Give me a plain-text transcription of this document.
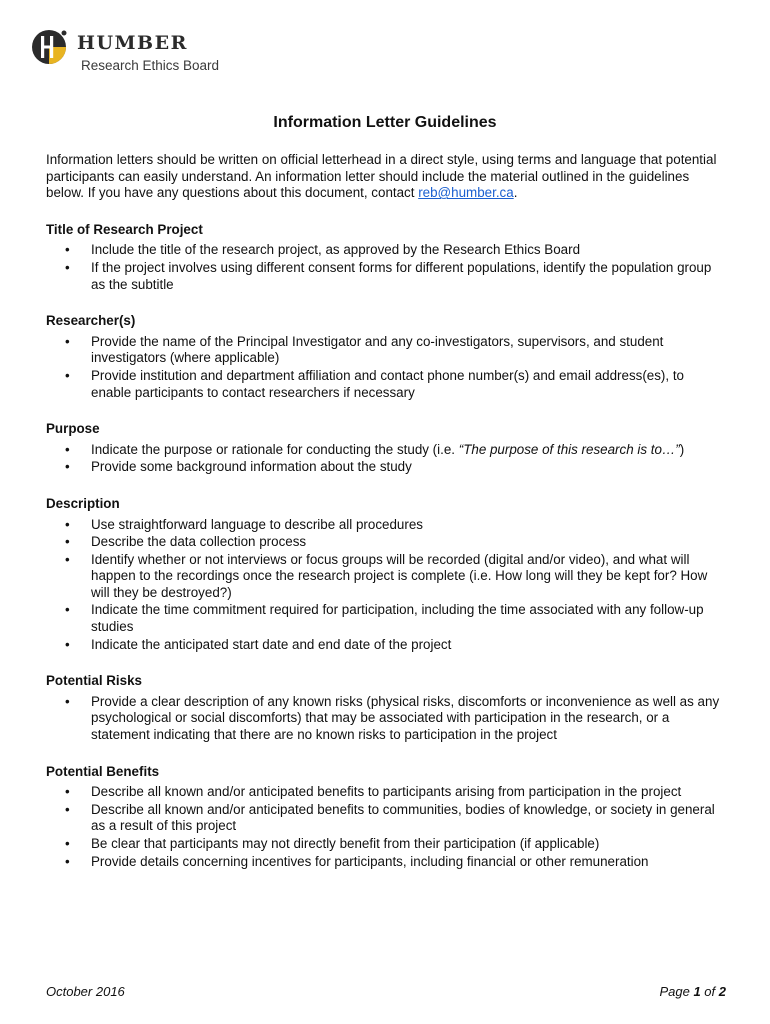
HUMBER
Research Ethics Board
Information Letter Guidelines

Information letters should be written on official letterhead in a direct style, using terms and language that potential participants can easily understand. An information letter should include the material outlined in the guidelines below. If you have any questions about this document, contact reb@humber.ca.

Title of Research Project
• Include the title of the research project, as approved by the Research Ethics Board
• If the project involves using different consent forms for different populations, identify the population group as the subtitle
Researcher(s)
• Provide the name of the Principal Investigator and any co-investigators, supervisors, and student investigators (where applicable)
• Provide institution and department affiliation and contact phone number(s) and email address(es), to enable participants to contact researchers if necessary
Purpose
• Indicate the purpose or rationale for conducting the study (i.e. “The purpose of this research is to…”)
• Provide some background information about the study
Description
• Use straightforward language to describe all procedures
• Describe the data collection process
• Identify whether or not interviews or focus groups will be recorded (digital and/or video), and what will happen to the recordings once the research project is complete (i.e. How long will they be kept for? How will they be destroyed?)
• Indicate the time commitment required for participation, including the time associated with any follow-up studies
• Indicate the anticipated start date and end date of the project
Potential Risks
• Provide a clear description of any known risks (physical risks, discomforts or inconvenience as well as any psychological or social discomforts) that may be associated with participation in the research, or a statement indicating that there are no known risks to participation in the project
Potential Benefits
• Describe all known and/or anticipated benefits to participants arising from participation in the project
• Describe all known and/or anticipated benefits to communities, bodies of knowledge, or society in general as a result of this project
• Be clear that participants may not directly benefit from their participation (if applicable)
• Provide details concerning incentives for participants, including financial or other remuneration
October 2016	Page 1 of 2
